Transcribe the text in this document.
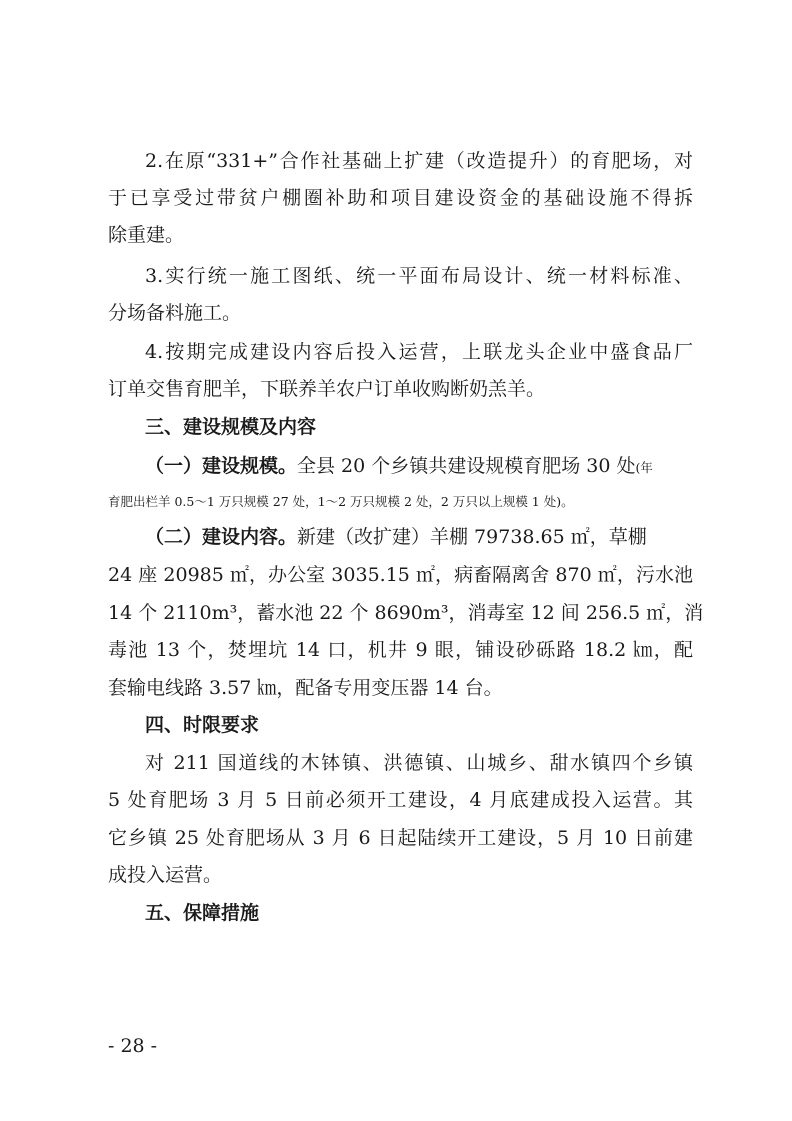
2.在原“331+”合作社基础上扩建（改造提升）的育肥场，对
于已享受过带贫户棚圈补助和项目建设资金的基础设施不得拆
除重建。
3.实行统一施工图纸、统一平面布局设计、统一材料标准、
分场备料施工。
4.按期完成建设内容后投入运营，上联龙头企业中盛食品厂
订单交售育肥羊，下联养羊农户订单收购断奶羔羊。
三、建设规模及内容
（一）建设规模。全县 20 个乡镇共建设规模育肥场 30 处(年
育肥出栏羊 0.5～1 万只规模 27 处，1～2 万只规模 2 处，2 万只以上规模 1 处)。
（二）建设内容。新建（改扩建）羊棚 79738.65 ㎡，草棚
24 座 20985 ㎡，办公室 3035.15 ㎡，病畜隔离舍 870 ㎡，污水池
14 个 2110m³，蓄水池 22 个 8690m³，消毒室 12 间 256.5 ㎡，消
毒池 13 个，焚埋坑 14 口，机井 9 眼，铺设砂砾路 18.2 ㎞，配
套输电线路 3.57 ㎞，配备专用变压器 14 台。
四、时限要求
对 211 国道线的木钵镇、洪德镇、山城乡、甜水镇四个乡镇
5 处育肥场 3 月 5 日前必须开工建设，4 月底建成投入运营。其
它乡镇 25 处育肥场从 3 月 6 日起陆续开工建设，5 月 10 日前建
成投入运营。
五、保障措施
- 28 -
